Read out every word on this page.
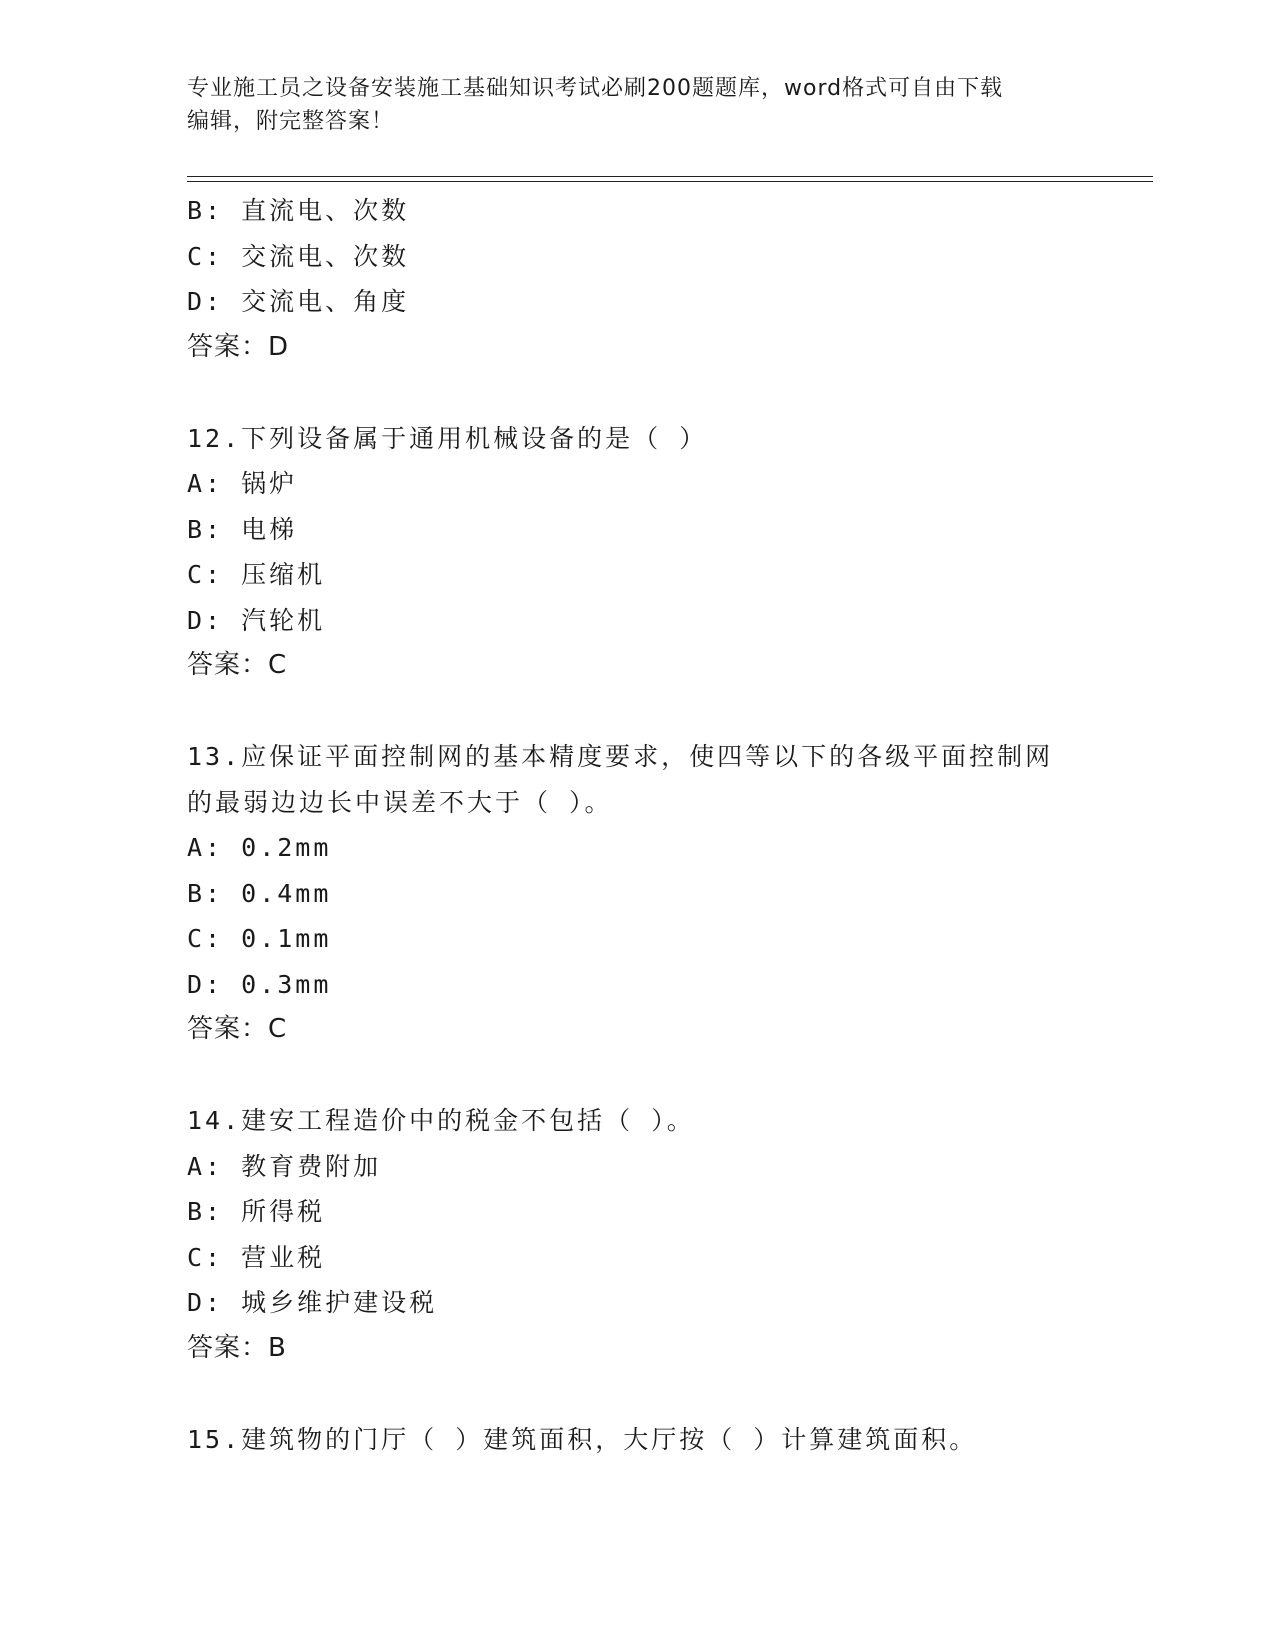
专业施工员之设备安装施工基础知识考试必刷200题题库，word格式可自由下载
编辑，附完整答案！
B: 直流电、次数
C: 交流电、次数
D: 交流电、角度
答案：D
12.下列设备属于通用机械设备的是（ ）
A: 锅炉
B: 电梯
C: 压缩机
D: 汽轮机
答案：C
13.应保证平面控制网的基本精度要求，使四等以下的各级平面控制网
的最弱边边长中误差不大于（ ）。
A: 0.2mm
B: 0.4mm
C: 0.1mm
D: 0.3mm
答案：C
14.建安工程造价中的税金不包括（ ）。
A: 教育费附加
B: 所得税
C: 营业税
D: 城乡维护建设税
答案：B
15.建筑物的门厅（ ）建筑面积，大厅按（ ）计算建筑面积。
